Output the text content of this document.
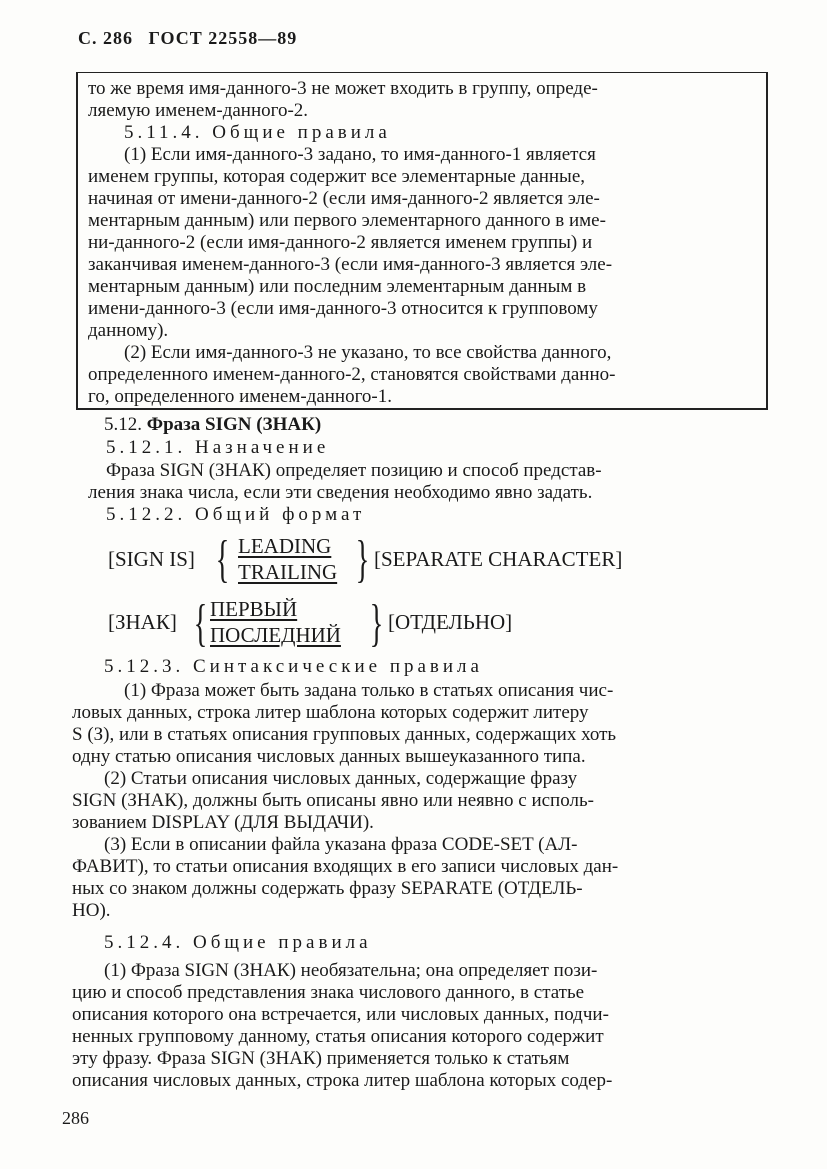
С. 286 ГОСТ 22558—89
то же время имя-данного-3 не может входить в группу, опреде-
ляемую именем-данного-2.
5.11.4. Общие правила
(1) Если имя-данного-3 задано, то имя-данного-1 является
именем группы, которая содержит все элементарные данные,
начиная от имени-данного-2 (если имя-данного-2 является эле-
ментарным данным) или первого элементарного данного в име-
ни-данного-2 (если имя-данного-2 является именем группы) и
заканчивая именем-данного-3 (если имя-данного-3 является эле-
ментарным данным) или последним элементарным данным в
имени-данного-3 (если имя-данного-3 относится к групповому
данному).
(2) Если имя-данного-3 не указано, то все свойства данного,
определенного именем-данного-2, становятся свойствами данно-
го, определенного именем-данного-1.
5.12. Фраза SIGN (ЗНАК)
5.12.1. Назначение
Фраза SIGN (ЗНАК) определяет позицию и способ представ-
ления знака числа, если эти сведения необходимо явно задать.
5.12.2. Общий формат
[SIGN IS] { LEADING
TRAILING } [SEPARATE CHARACTER]
[ЗНАК] { ПЕРВЫЙ
ПОСЛЕДНИЙ } [ОТДЕЛЬНО]
5.12.3. Синтаксические правила
(1) Фраза может быть задана только в статьях описания чис-
ловых данных, строка литер шаблона которых содержит литеру
S (З), или в статьях описания групповых данных, содержащих хоть
одну статью описания числовых данных вышеуказанного типа.
(2) Статьи описания числовых данных, содержащие фразу
SIGN (ЗНАК), должны быть описаны явно или неявно с исполь-
зованием DISPLAY (ДЛЯ ВЫДАЧИ).
(3) Если в описании файла указана фраза CODE-SET (АЛ-
ФАВИТ), то статьи описания входящих в его записи числовых дан-
ных со знаком должны содержать фразу SEPARATE (ОТДЕЛЬ-
НО).
5.12.4. Общие правила
(1) Фраза SIGN (ЗНАК) необязательна; она определяет пози-
цию и способ представления знака числового данного, в статье
описания которого она встречается, или числовых данных, подчи-
ненных групповому данному, статья описания которого содержит
эту фразу. Фраза SIGN (ЗНАК) применяется только к статьям
описания числовых данных, строка литер шаблона которых содер-
286
